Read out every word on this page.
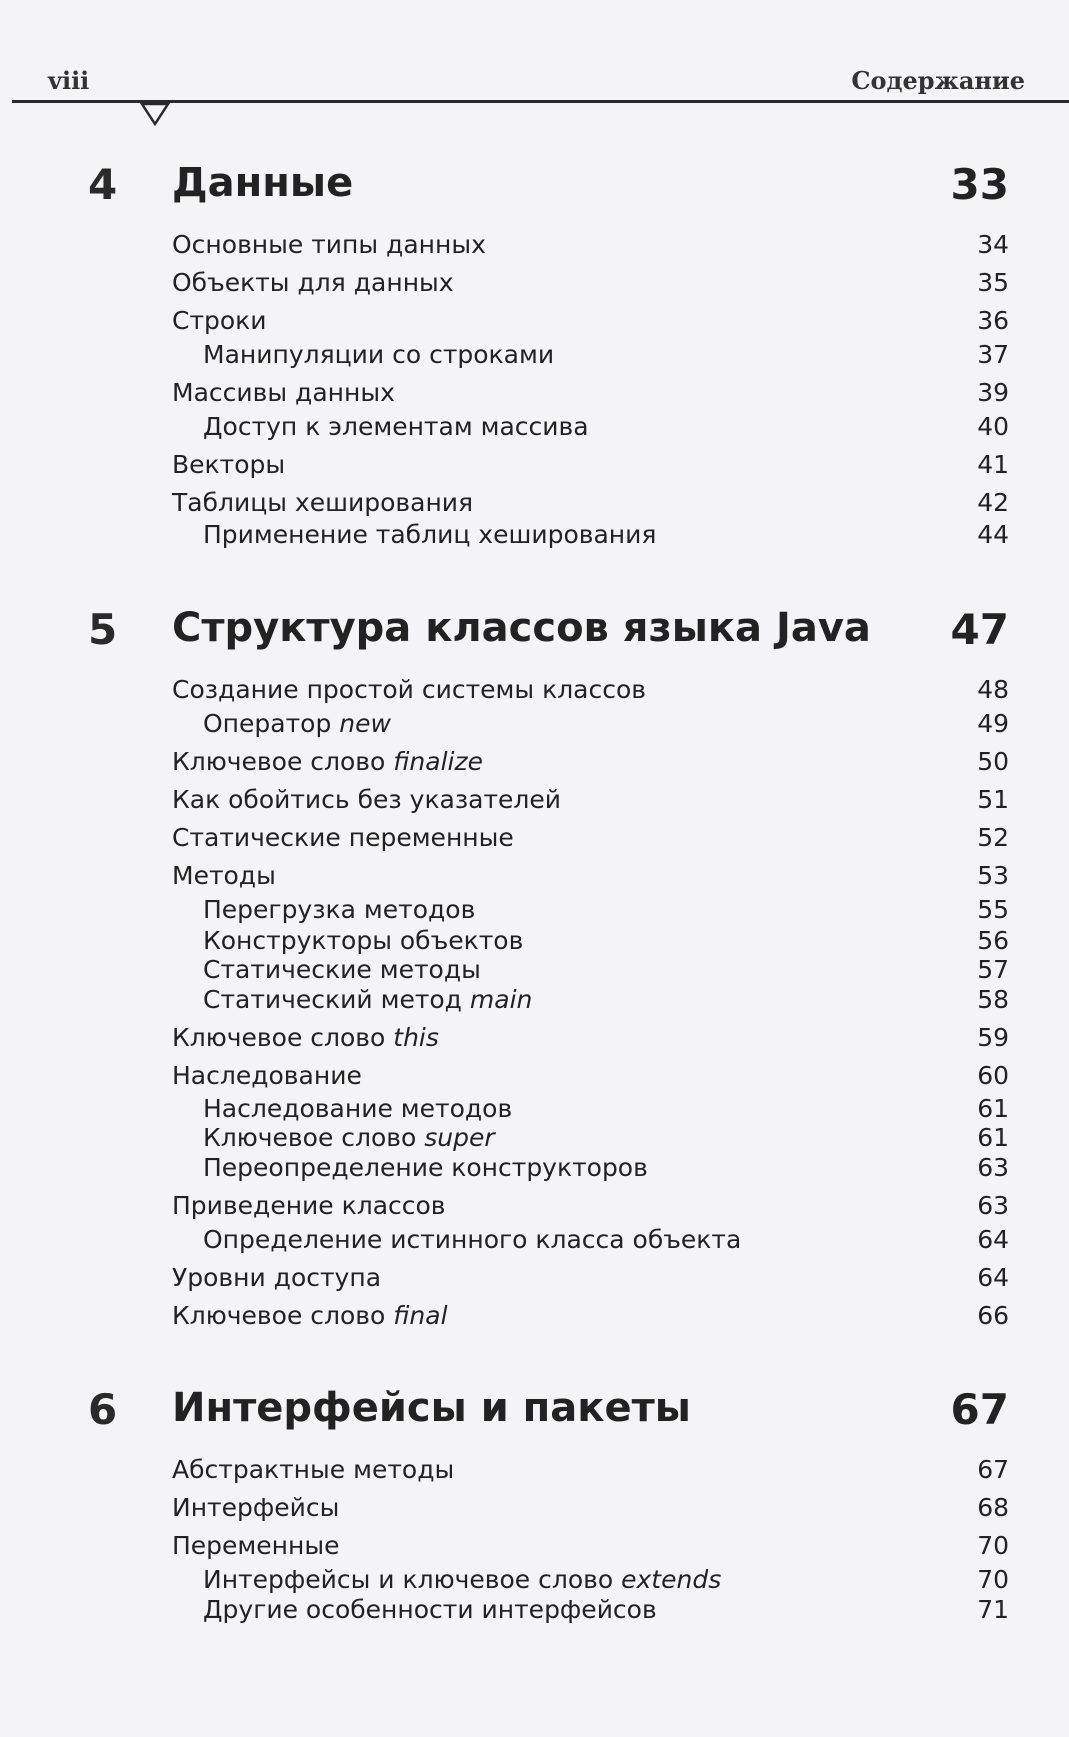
viii	Содержание
4 Данные	33
Основные типы данных	34
Объекты для данных	35
Строки	36
Манипуляции со строками	37
Массивы данных	39
Доступ к элементам массива	40
Векторы	41
Таблицы хеширования	42
Применение таблиц хеширования	44
5 Структура классов языка Java 47
Создание простой системы классов	48
Оператор new	49
Ключевое слово finalize	50
Как обойтись без указателей	51
Статические переменные	52
Методы	53
Перегрузка методов	55
Конструкторы объектов	56
Статические методы	57
Статический метод main	58
Ключевое слово this	59
Наследование	60
Наследование методов	61
Ключевое слово super	61
Переопределение конструкторов	63
Приведение классов	63
Определение истинного класса объекта	64
Уровни доступа	64
Ключевое слово final	66
6 Интерфейсы и пакеты	67
Абстрактные методы	67
Интерфейсы	68
Переменные	70
Интерфейсы и ключевое слово extends	70
Другие особенности интерфейсов	71
